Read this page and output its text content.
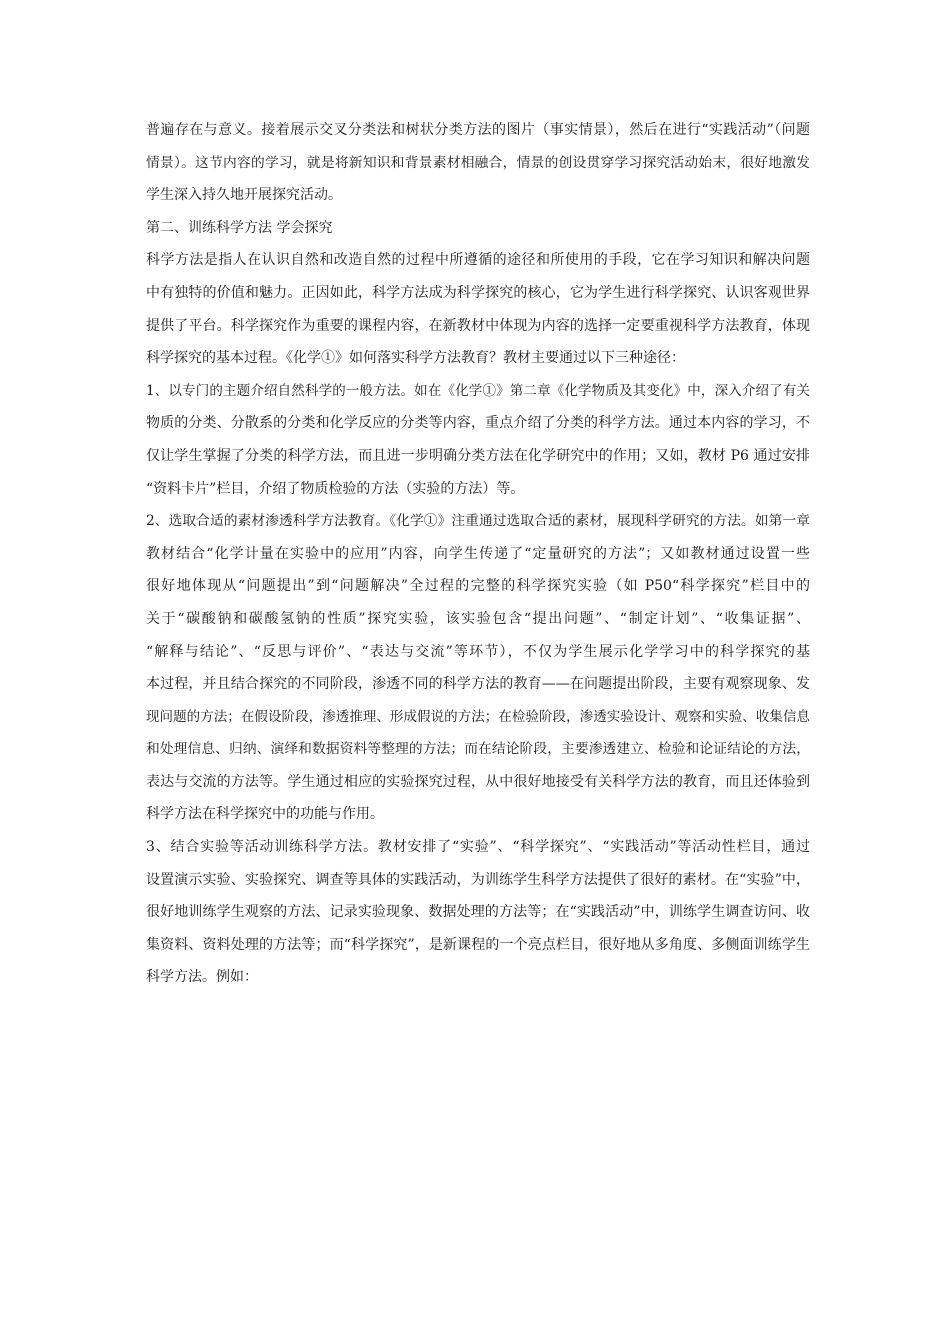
普遍存在与意义。接着展示交叉分类法和树状分类方法的图片（事实情景），然后在进行“实践活动”（问题
情景）。这节内容的学习，就是将新知识和背景素材相融合，情景的创设贯穿学习探究活动始末，很好地激发
学生深入持久地开展探究活动。
第二、训练科学方法 学会探究
科学方法是指人在认识自然和改造自然的过程中所遵循的途径和所使用的手段，它在学习知识和解决问题
中有独特的价值和魅力。正因如此，科学方法成为科学探究的核心，它为学生进行科学探究、认识客观世界
提供了平台。科学探究作为重要的课程内容，在新教材中体现为内容的选择一定要重视科学方法教育，体现
科学探究的基本过程。《化学①》如何落实科学方法教育？教材主要通过以下三种途径：
1、以专门的主题介绍自然科学的一般方法。如在《化学①》第二章《化学物质及其变化》中，深入介绍了有关
物质的分类、分散系的分类和化学反应的分类等内容，重点介绍了分类的科学方法。通过本内容的学习，不
仅让学生掌握了分类的科学方法，而且进一步明确分类方法在化学研究中的作用；又如，教材 P6 通过安排
“资料卡片”栏目，介绍了物质检验的方法（实验的方法）等。
2、选取合适的素材渗透科学方法教育。《化学①》注重通过选取合适的素材，展现科学研究的方法。如第一章
教材结合“化学计量在实验中的应用”内容，向学生传递了“定量研究的方法”；又如教材通过设置一些
很好地体现从“问题提出”到“问题解决”全过程的完整的科学探究实验（如 P50“科学探究”栏目中的
关于“碳酸钠和碳酸氢钠的性质”探究实验，该实验包含“提出问题”、“制定计划”、“收集证据”、
“解释与结论”、“反思与评价”、“表达与交流”等环节），不仅为学生展示化学学习中的科学探究的基
本过程，并且结合探究的不同阶段，渗透不同的科学方法的教育——在问题提出阶段，主要有观察现象、发
现问题的方法；在假设阶段，渗透推理、形成假说的方法；在检验阶段，渗透实验设计、观察和实验、收集信息
和处理信息、归纳、演绎和数据资料等整理的方法；而在结论阶段，主要渗透建立、检验和论证结论的方法，
表达与交流的方法等。学生通过相应的实验探究过程，从中很好地接受有关科学方法的教育，而且还体验到
科学方法在科学探究中的功能与作用。
3、结合实验等活动训练科学方法。教材安排了“实验”、“科学探究”、“实践活动”等活动性栏目，通过
设置演示实验、实验探究、调查等具体的实践活动，为训练学生科学方法提供了很好的素材。在“实验”中，
很好地训练学生观察的方法、记录实验现象、数据处理的方法等；在“实践活动”中，训练学生调查访问、收
集资料、资料处理的方法等；而“科学探究”，是新课程的一个亮点栏目，很好地从多角度、多侧面训练学生
科学方法。例如：
